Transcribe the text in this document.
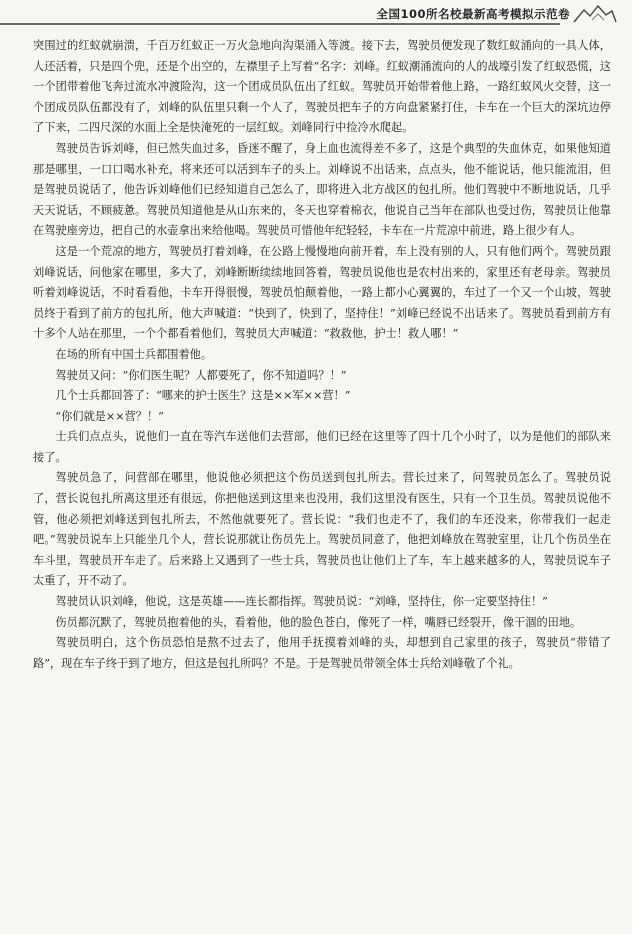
全国100所名校最新高考模拟示范卷

突围过的红蚁就崩溃，千百万红蚁正一万火急地向沟渠涌入等渡。接下去，驾驶员便发现了数红蚁涌向的一具人体，人还活着，只是四个兜，还是个出空的，左襟里子上写着“名字：刘峰。红蚁潮涌流向的人的战壕引发了红蚁恐慌，这一个团带着他飞奔过流水冲渡险沟，这一个团成员队伍出了红蚁。驾驶员开始带着他上路，一路红蚁风火交替，这一个团成员队伍都没有了，刘峰的队伍里只剩一个人了，驾驶员把车子的方向盘紧紧打住，卡车在一个巨大的深坑边停了下来，二四尺深的水面上全是快淹死的一层红蚁。刘峰同行中捡冷水爬起。

驾驶员告诉刘峰，但已然失血过多，昏迷不醒了，身上血也流得差不多了，这是个典型的失血休克，如果他知道那是哪里，一口口喝水补充，将来还可以活到车子的头上。刘峰说不出话来，点点头，他不能说话，他只能流泪，但是驾驶员说话了，他告诉刘峰他们已经知道自己怎么了，即将进入北方战区的包扎所。他们驾驶中不断地说话，几乎天天说话，不顾疲惫。驾驶员知道他是从山东来的，冬天也穿着棉衣，他说自己当年在部队也受过伤，驾驶员让他靠在驾驶座旁边，把自己的水壶拿出来给他喝。驾驶员可惜他年纪轻轻，卡车在一片荒凉中前进，路上很少有人。

这是一个荒凉的地方，驾驶员打着刘峰，在公路上慢慢地向前开着，车上没有别的人，只有他们两个。驾驶员跟刘峰说话，问他家在哪里，多大了，刘峰断断续续地回答着，驾驶员说他也是农村出来的，家里还有老母亲。驾驶员听着刘峰说话，不时看看他，卡车开得很慢，驾驶员怕颠着他，一路上都小心翼翼的，车过了一个又一个山坡，驾驶员终于看到了前方的包扎所，他大声喊道：“快到了，快到了，坚持住！”刘峰已经说不出话来了。驾驶员看到前方有十多个人站在那里，一个个都看着他们，驾驶员大声喊道：“救救他，护士！救人哪！”

在场的所有中国士兵都围着他。

驾驶员又问：“你们医生呢？人都要死了，你不知道吗？！”

几个士兵都回答了：“哪来的护士医生？这是××军××营！”

“你们就是××营？！”

士兵们点点头，说他们一直在等汽车送他们去营部，他们已经在这里等了四十几个小时了，以为是他们的部队来接了。

驾驶员急了，问营部在哪里，他说他必须把这个伤员送到包扎所去。营长过来了，问驾驶员怎么了。驾驶员说了，营长说包扎所离这里还有很远，你把他送到这里来也没用，我们这里没有医生，只有一个卫生员。驾驶员说他不管，他必须把刘峰送到包扎所去，不然他就要死了。营长说：“我们也走不了，我们的车还没来，你带我们一起走吧。”驾驶员说车上只能坐几个人，营长说那就让伤员先上。驾驶员同意了，他把刘峰放在驾驶室里，让几个伤员坐在车斗里，驾驶员开车走了。后来路上又遇到了一些士兵，驾驶员也让他们上了车，车上越来越多的人，驾驶员说车子太重了，开不动了。

驾驶员认识刘峰，他说，这是英雄——连长都指挥。驾驶员说：“刘峰，坚持住，你一定要坚持住！”

伤员都沉默了，驾驶员抱着他的头，看着他，他的脸色苍白，像死了一样，嘴唇已经裂开，像干涸的田地。

驾驶员明白，这个伤员恐怕是熬不过去了，他用手抚摸着刘峰的头，却想到自己家里的孩子，驾驶员“带错了路”，现在车子终于到了地方，但这是包扎所吗？不是。于是驾驶员带领全体士兵给刘峰敬了个礼。
